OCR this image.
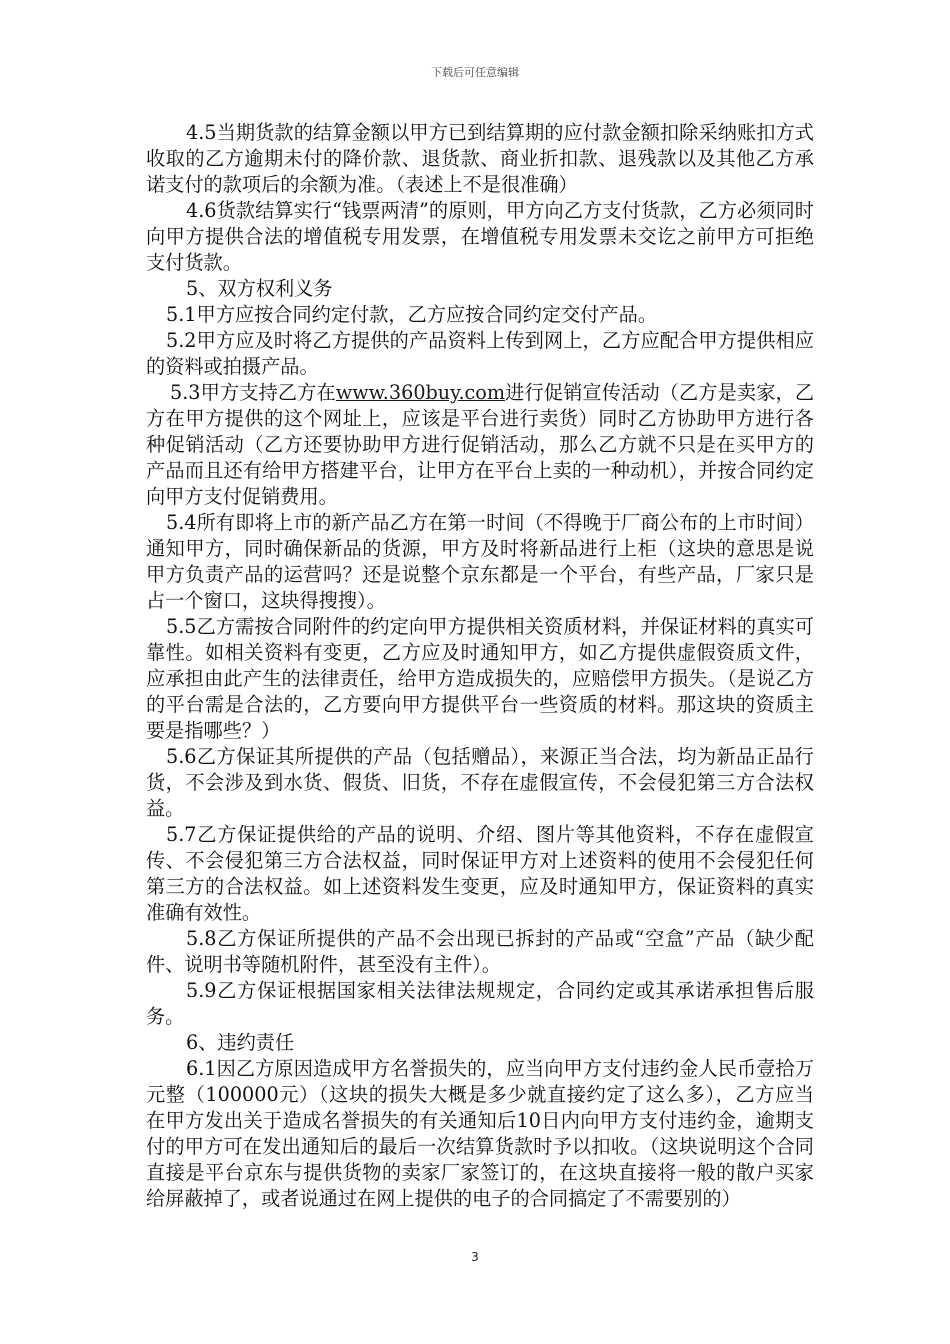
下载后可任意编辑

4.5当期货款的结算金额以甲方已到结算期的应付款金额扣除采纳账扣方式收取的乙方逾期未付的降价款、退货款、商业折扣款、退残款以及其他乙方承诺支付的款项后的余额为准。（表述上不是很准确）

4.6货款结算实行“钱票两清”的原则，甲方向乙方支付货款，乙方必须同时向甲方提供合法的增值税专用发票，在增值税专用发票未交讫之前甲方可拒绝支付货款。

5、双方权利义务

5.1甲方应按合同约定付款，乙方应按合同约定交付产品。

5.2甲方应及时将乙方提供的产品资料上传到网上，乙方应配合甲方提供相应的资料或拍摄产品。

5.3甲方支持乙方在www.360buy.com进行促销宣传活动（乙方是卖家，乙方在甲方提供的这个网址上，应该是平台进行卖货）同时乙方协助甲方进行各种促销活动（乙方还要协助甲方进行促销活动，那么乙方就不只是在买甲方的产品而且还有给甲方搭建平台，让甲方在平台上卖的一种动机），并按合同约定向甲方支付促销费用。

5.4所有即将上市的新产品乙方在第一时间（不得晚于厂商公布的上市时间）通知甲方，同时确保新品的货源，甲方及时将新品进行上柜（这块的意思是说甲方负责产品的运营吗？还是说整个京东都是一个平台，有些产品，厂家只是占一个窗口，这块得搜搜）。

5.5乙方需按合同附件的约定向甲方提供相关资质材料，并保证材料的真实可靠性。如相关资料有变更，乙方应及时通知甲方，如乙方提供虚假资质文件，应承担由此产生的法律责任，给甲方造成损失的，应赔偿甲方损失。（是说乙方的平台需是合法的，乙方要向甲方提供平台一些资质的材料。那这块的资质主要是指哪些？）

5.6乙方保证其所提供的产品（包括赠品），来源正当合法，均为新品正品行货，不会涉及到水货、假货、旧货，不存在虚假宣传，不会侵犯第三方合法权益。

5.7乙方保证提供给的产品的说明、介绍、图片等其他资料，不存在虚假宣传、不会侵犯第三方合法权益，同时保证甲方对上述资料的使用不会侵犯任何第三方的合法权益。如上述资料发生变更，应及时通知甲方，保证资料的真实准确有效性。

5.8乙方保证所提供的产品不会出现已拆封的产品或“空盒”产品（缺少配件、说明书等随机附件，甚至没有主件）。

5.9乙方保证根据国家相关法律法规规定，合同约定或其承诺承担售后服务。

6、违约责任

6.1因乙方原因造成甲方名誉损失的，应当向甲方支付违约金人民币壹拾万元整（100000元）（这块的损失大概是多少就直接约定了这么多），乙方应当在甲方发出关于造成名誉损失的有关通知后10日内向甲方支付违约金，逾期支付的甲方可在发出通知后的最后一次结算货款时予以扣收。（这块说明这个合同直接是平台京东与提供货物的卖家厂家签订的，在这块直接将一般的散户买家给屏蔽掉了，或者说通过在网上提供的电子的合同搞定了不需要别的）

3
